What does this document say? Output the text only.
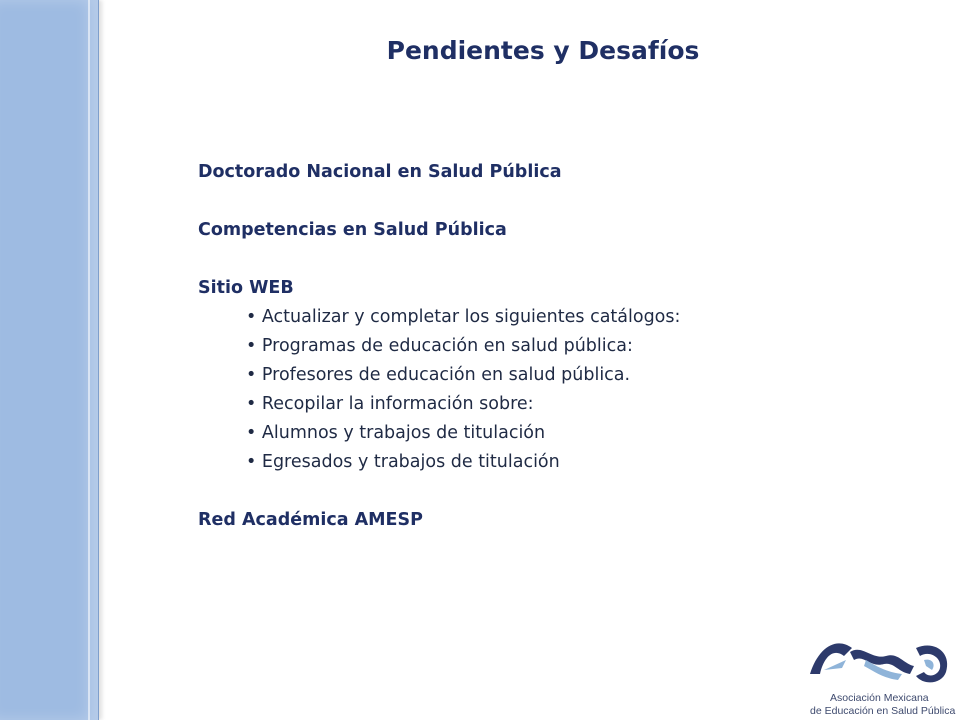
Pendientes y Desafíos
Doctorado Nacional en Salud Pública
Competencias en Salud Pública
Sitio WEB
• Actualizar y completar los siguientes catálogos:
• Programas de educación en salud pública:
• Profesores de educación en salud pública.
• Recopilar la información sobre:
• Alumnos y trabajos de titulación
• Egresados y trabajos de titulación
Red Académica AMESP
Asociación Mexicana
de Educación en Salud Pública
